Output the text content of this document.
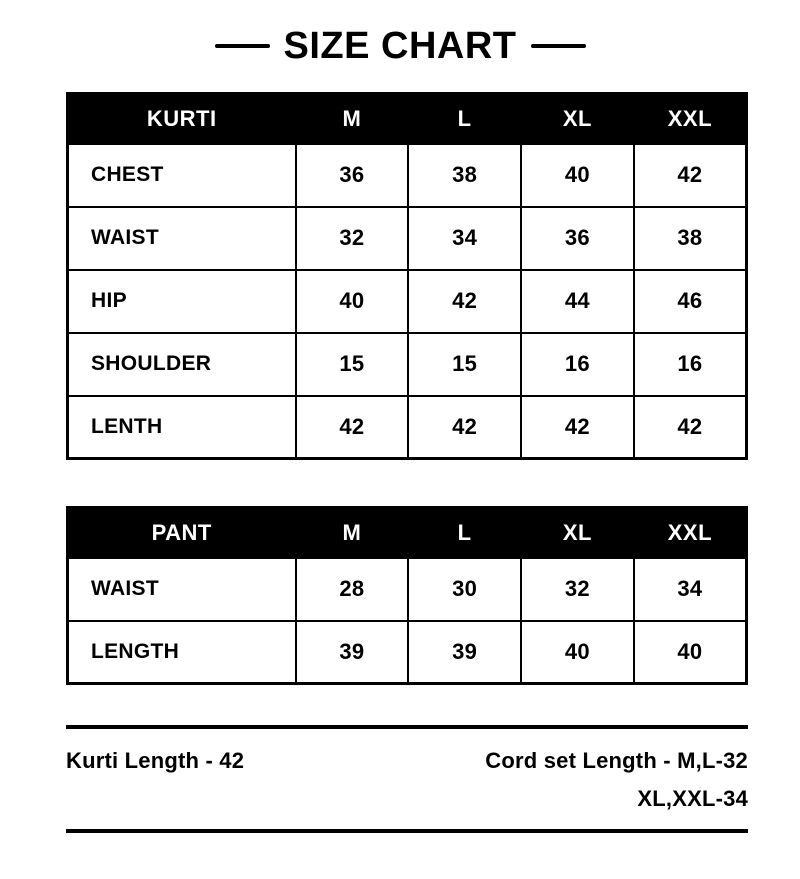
SIZE CHART
KURTI	M	L	XL	XXL
CHEST	36	38	40	42
WAIST	32	34	36	38
HIP	40	42	44	46
SHOULDER	15	15	16	16
LENTH	42	42	42	42
PANT	M	L	XL	XXL
WAIST	28	30	32	34
LENGTH	39	39	40	40
Kurti Length - 42	Cord set Length - M,L-32
XL,XXL-34
